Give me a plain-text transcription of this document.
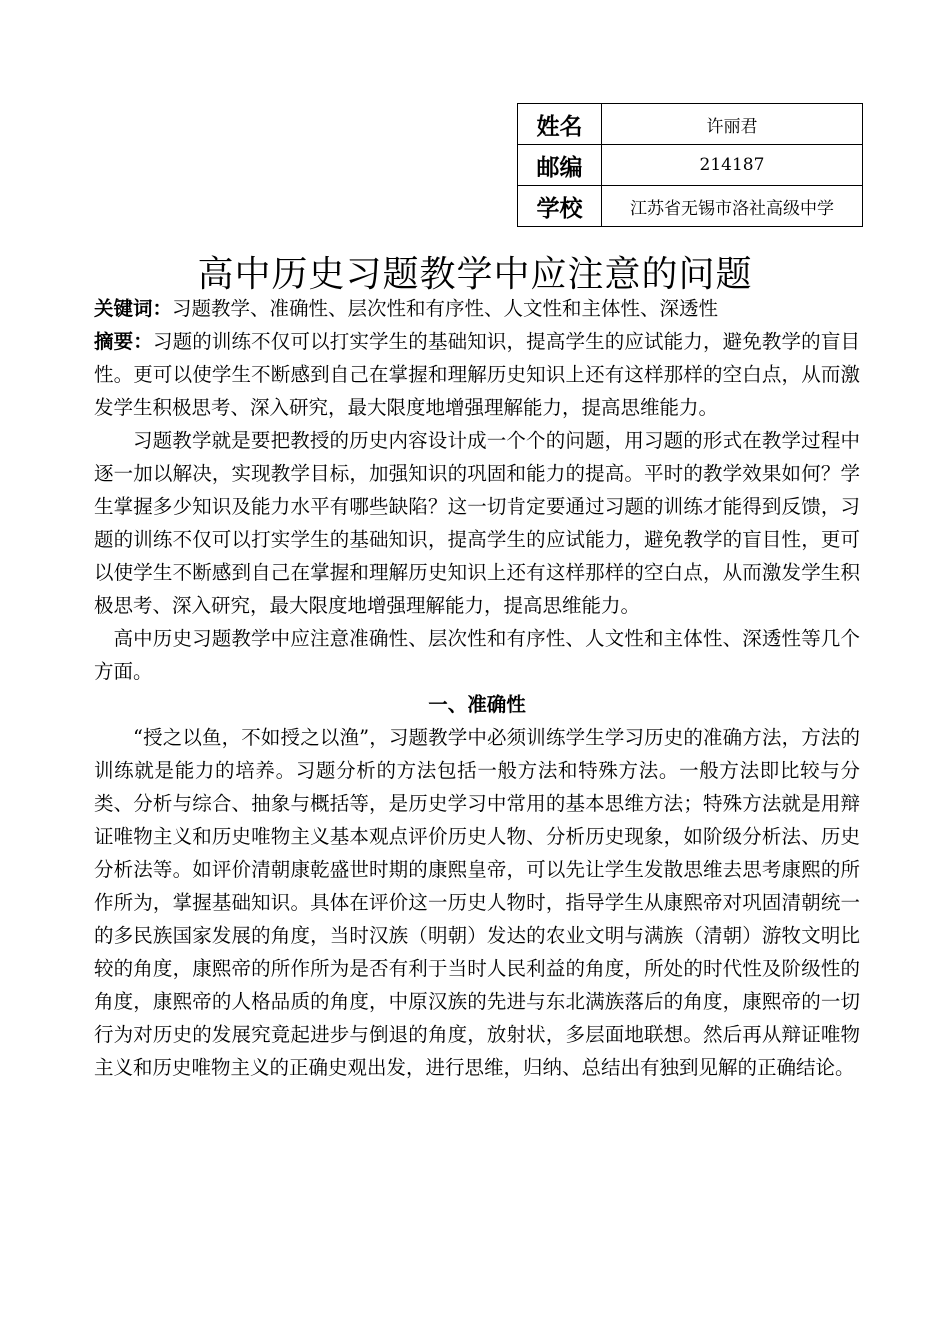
姓名	许丽君
邮编	214187
学校	江苏省无锡市洛社高级中学
高中历史习题教学中应注意的问题

关键词：习题教学、准确性、层次性和有序性、人文性和主体性、深透性

摘要：习题的训练不仅可以打实学生的基础知识，提高学生的应试能力，避免教学的盲目性。更可以使学生不断感到自己在掌握和理解历史知识上还有这样那样的空白点，从而激发学生积极思考、深入研究，最大限度地增强理解能力，提高思维能力。

习题教学就是要把教授的历史内容设计成一个个的问题，用习题的形式在教学过程中逐一加以解决，实现教学目标，加强知识的巩固和能力的提高。平时的教学效果如何？学生掌握多少知识及能力水平有哪些缺陷？这一切肯定要通过习题的训练才能得到反馈，习题的训练不仅可以打实学生的基础知识，提高学生的应试能力，避免教学的盲目性，更可以使学生不断感到自己在掌握和理解历史知识上还有这样那样的空白点，从而激发学生积极思考、深入研究，最大限度地增强理解能力，提高思维能力。

高中历史习题教学中应注意准确性、层次性和有序性、人文性和主体性、深透性等几个方面。

一、准确性

“授之以鱼，不如授之以渔”，习题教学中必须训练学生学习历史的准确方法，方法的训练就是能力的培养。习题分析的方法包括一般方法和特殊方法。一般方法即比较与分类、分析与综合、抽象与概括等，是历史学习中常用的基本思维方法；特殊方法就是用辩证唯物主义和历史唯物主义基本观点评价历史人物、分析历史现象，如阶级分析法、历史分析法等。如评价清朝康乾盛世时期的康熙皇帝，可以先让学生发散思维去思考康熙的所作所为，掌握基础知识。具体在评价这一历史人物时，指导学生从康熙帝对巩固清朝统一的多民族国家发展的角度，当时汉族（明朝）发达的农业文明与满族（清朝）游牧文明比较的角度，康熙帝的所作所为是否有利于当时人民利益的角度，所处的时代性及阶级性的角度，康熙帝的人格品质的角度，中原汉族的先进与东北满族落后的角度，康熙帝的一切行为对历史的发展究竟起进步与倒退的角度，放射状，多层面地联想。然后再从辩证唯物主义和历史唯物主义的正确史观出发，进行思维，归纳、总结出有独到见解的正确结论。
